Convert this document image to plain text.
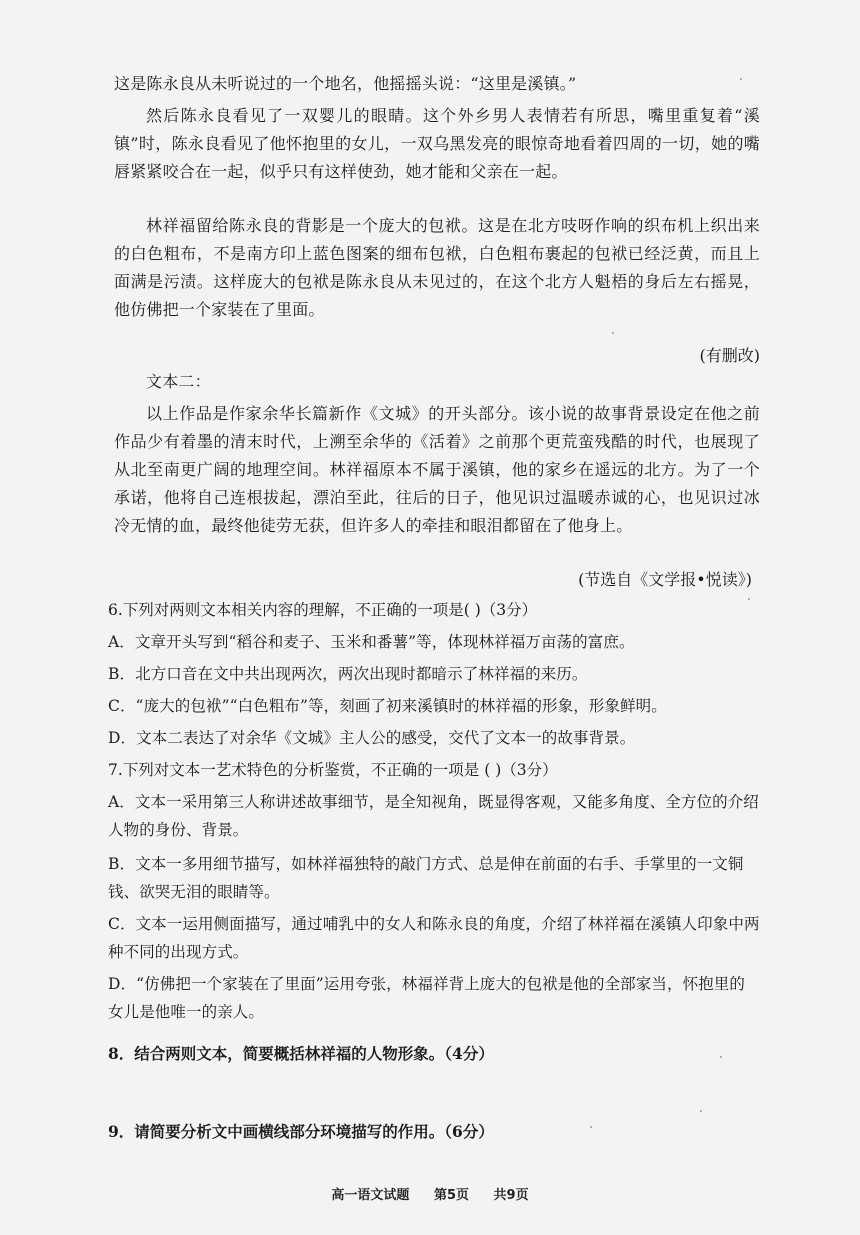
这是陈永良从未听说过的一个地名，他摇摇头说：“这里是溪镇。”
然后陈永良看见了一双婴儿的眼睛。这个外乡男人表情若有所思，嘴里重复着“溪镇”时，陈永良看见了他怀抱里的女儿，一双乌黑发亮的眼惊奇地看着四周的一切，她的嘴唇紧紧咬合在一起，似乎只有这样使劲，她才能和父亲在一起。
林祥福留给陈永良的背影是一个庞大的包袱。这是在北方吱呀作响的织布机上织出来的白色粗布，不是南方印上蓝色图案的细布包袱，白色粗布裹起的包袱已经泛黄，而且上面满是污渍。这样庞大的包袱是陈永良从未见过的，在这个北方人魁梧的身后左右摇晃，他仿佛把一个家装在了里面。
(有删改)
文本二：
以上作品是作家余华长篇新作《文城》的开头部分。该小说的故事背景设定在他之前作品少有着墨的清末时代，上溯至余华的《活着》之前那个更荒蛮残酷的时代，也展现了从北至南更广阔的地理空间。林祥福原本不属于溪镇，他的家乡在遥远的北方。为了一个承诺，他将自己连根拔起，漂泊至此，往后的日子，他见识过温暖赤诚的心，也见识过冰冷无情的血，最终他徒劳无获，但许多人的牵挂和眼泪都留在了他身上。
(节选自《文学报•悦读》)
6.下列对两则文本相关内容的理解，不正确的一项是( )（3分）
A．文章开头写到“稻谷和麦子、玉米和番薯”等，体现林祥福万亩荡的富庶。
B．北方口音在文中共出现两次，两次出现时都暗示了林祥福的来历。
C．“庞大的包袱”“白色粗布”等，刻画了初来溪镇时的林祥福的形象，形象鲜明。
D．文本二表达了对余华《文城》主人公的感受，交代了文本一的故事背景。
7.下列对文本一艺术特色的分析鉴赏，不正确的一项是 ( )（3分）
A．文本一采用第三人称讲述故事细节，是全知视角，既显得客观，又能多角度、全方位的介绍人物的身份、背景。
B．文本一多用细节描写，如林祥福独特的敲门方式、总是伸在前面的右手、手掌里的一文铜钱、欲哭无泪的眼睛等。
C．文本一运用侧面描写，通过哺乳中的女人和陈永良的角度，介绍了林祥福在溪镇人印象中两种不同的出现方式。
D．“仿佛把一个家装在了里面”运用夸张，林福祥背上庞大的包袱是他的全部家当，怀抱里的女儿是他唯一的亲人。
8．结合两则文本，简要概括林祥福的人物形象。（4分）
9．请简要分析文中画横线部分环境描写的作用。（6分）
高一语文试题 第5页 共9页
